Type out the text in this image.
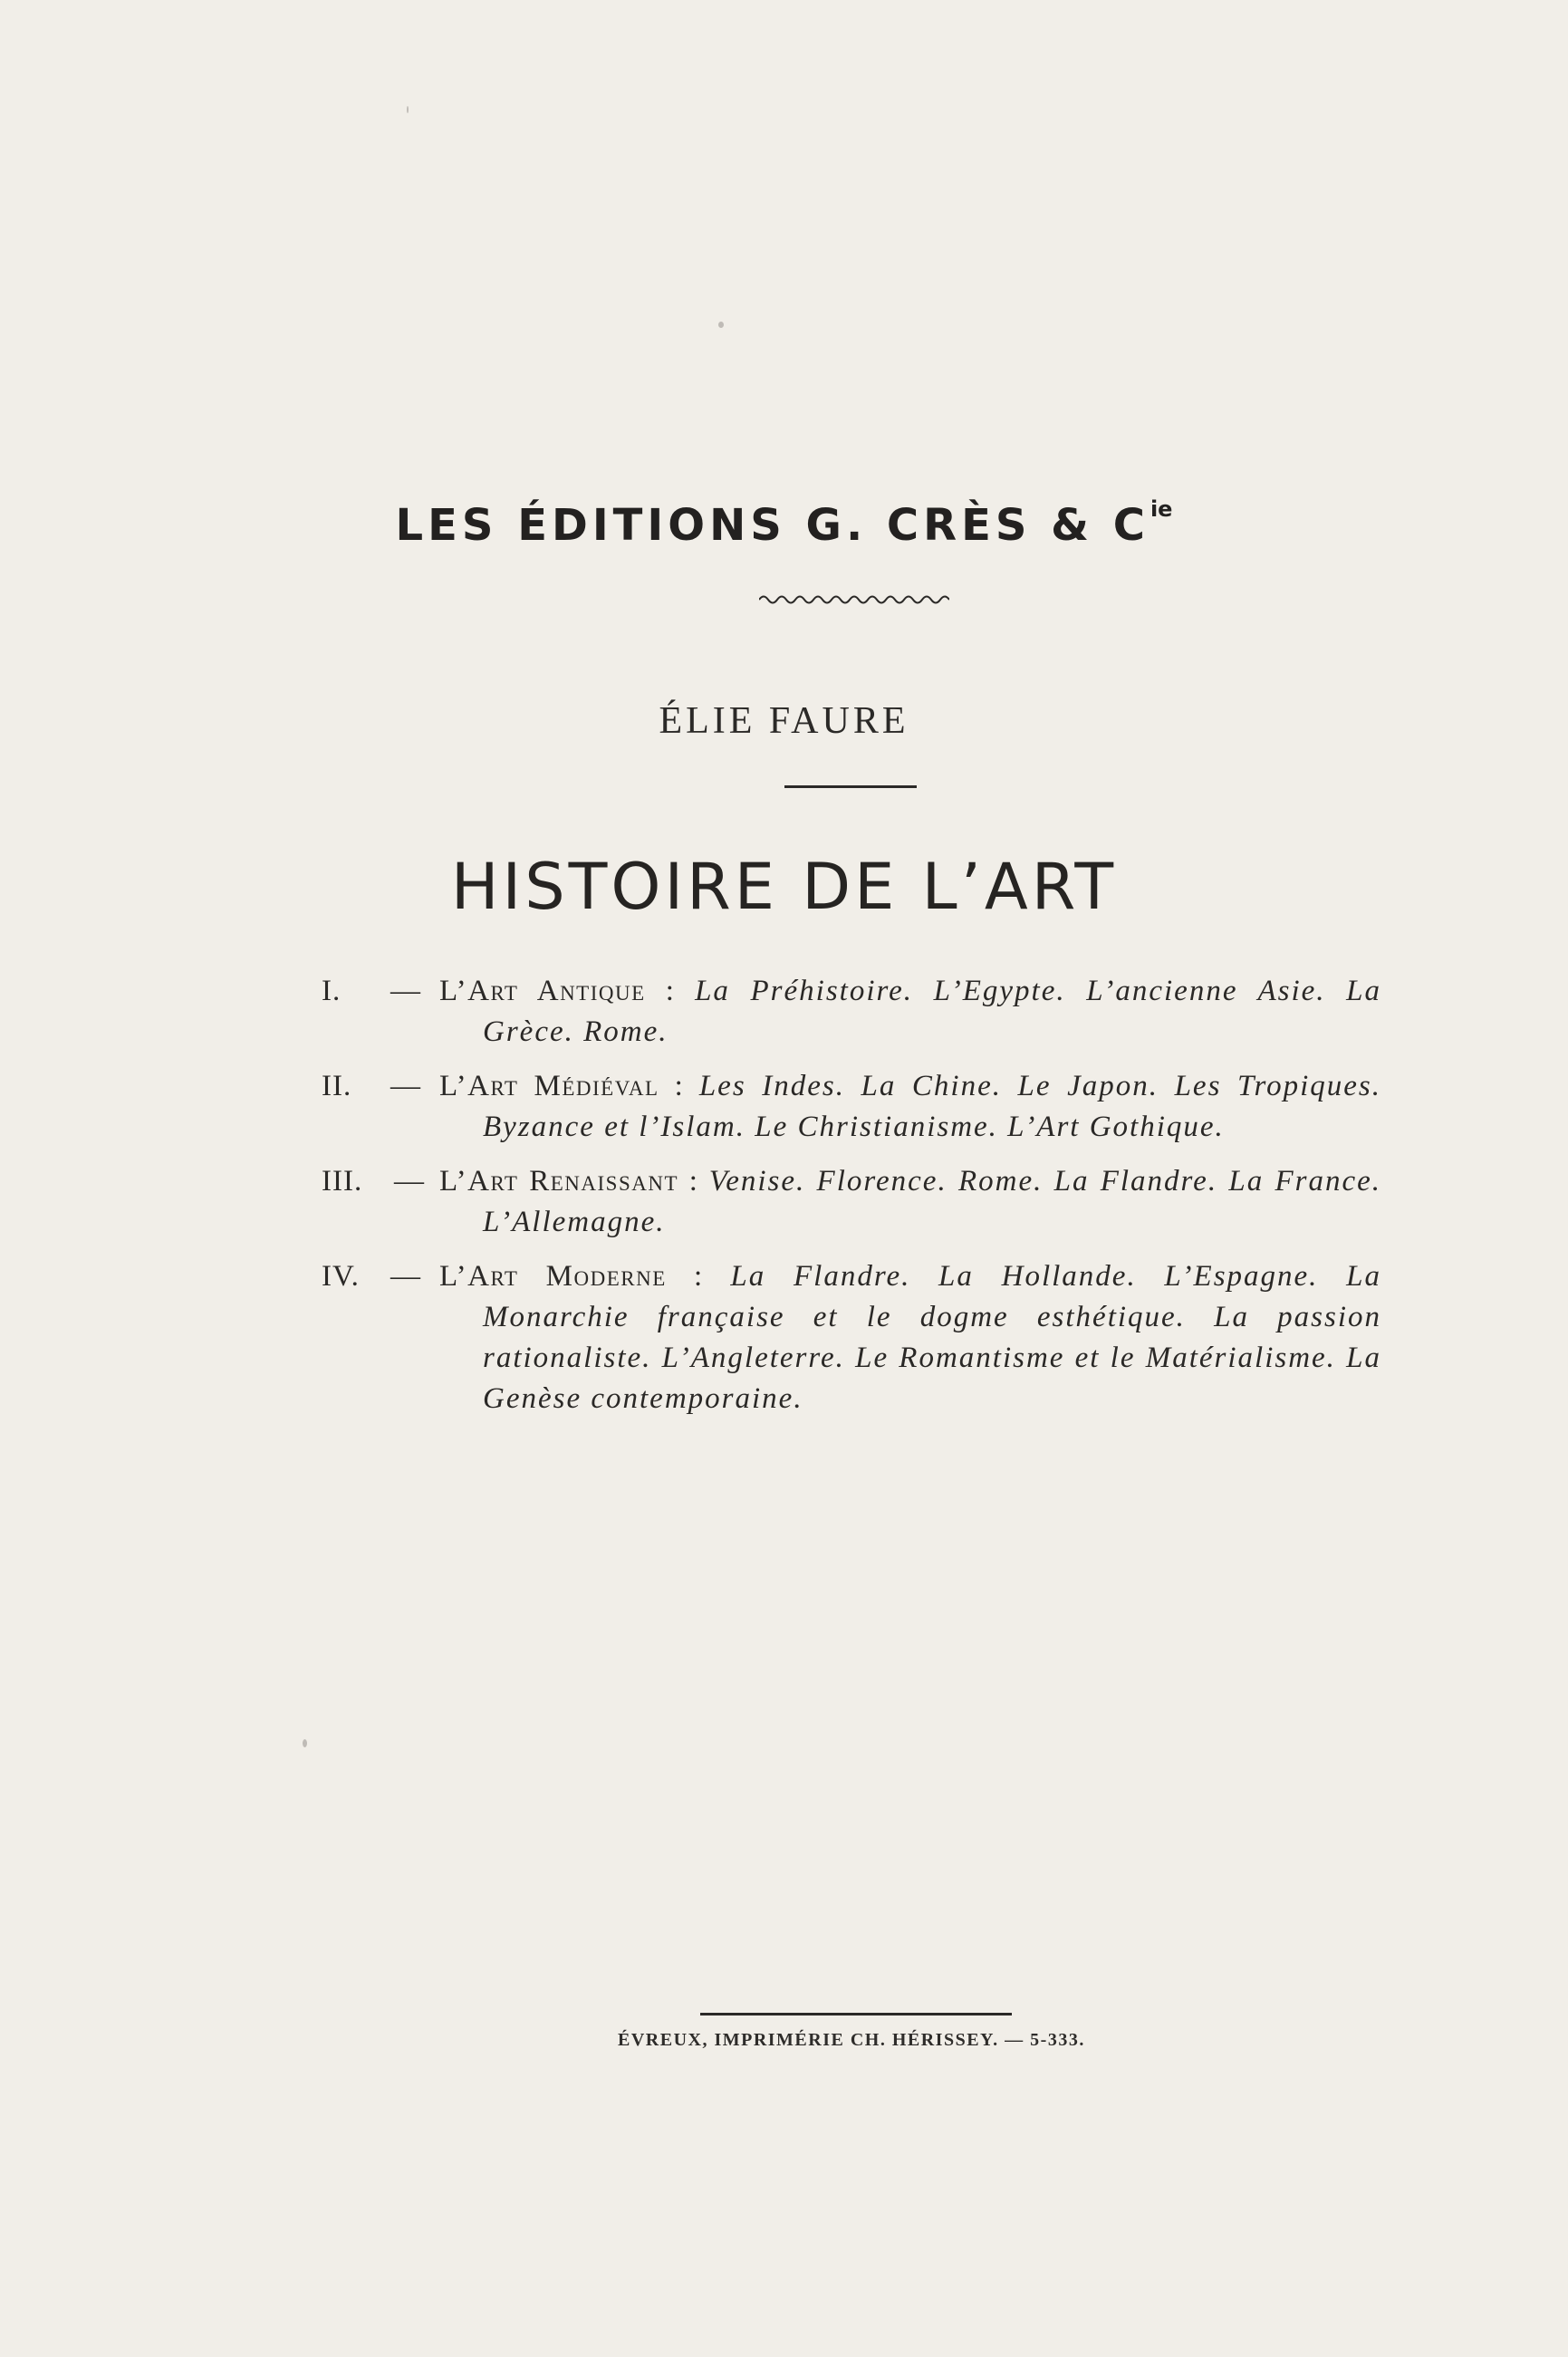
LES ÉDITIONS G. CRÈS & $C^{ie}$
ÉLIE FAURE
HISTOIRE DE L’ART
I. — L’Art Antique : La Préhistoire. L’Egypte. L’ancienne Asie. La Grèce. Rome.
II. — L’Art Médiéval : Les Indes. La Chine. Le Japon. Les Tropiques. Byzance et l’Islam. Le Christianisme. L’Art Gothique.
III. — L’Art Renaissant : Venise. Florence. Rome. La Flandre. La France. L’Allemagne.
IV. — L’Art Moderne : La Flandre. La Hollande. L’Espagne. La Monarchie française et le dogme esthétique. La passion rationaliste. L’Angleterre. Le Romantisme et le Matérialisme. La Genèse contemporaine.
ÉVREUX, IMPRIMÉRIE CH. HÉRISSEY. — 5-333.
